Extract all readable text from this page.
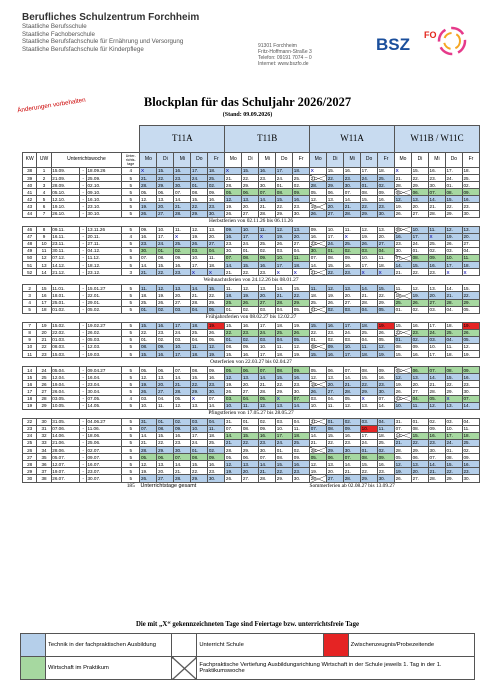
Berufliches Schulzentrum Forchheim
Staatliche Berufsschule
Staatliche Fachoberschule
Staatliche Berufsfachschule für Ernährung und Versorgung
Staatliche Berufsfachschule für Kinderpflege	91301 Forchheim
Fritz-Hoffmann-Straße 3
Telefon: 09191 7074 – 0
Internet: www.bszfo.de
BSZ FO
Blockplan für das Schuljahr 2026/2027
(Stand: 09.09.2026)
Änderungen vorbehalten
						T11A					T11B					W11A					W11B / W11C				
KW	UW	Unterrichtswoche			Unter-richts-tage	Mo	Di	Mi	Do	Fr	Mo	Di	Mi	Do	Fr	Mo	Di	Mi	Do	Fr	Mo	Di	Mi	Do	Fr
38	1	15.09.	-	18.09.26	4	X	15.	16.	17.	18.	X	15.	16.	17.	18.	X	15.	16.	17.	18.	X	15.	16.	17.	18.
39	2	21.09.	-	25.09.	5	21.	22.	23.	24.	25.	21.	22.	23.	24.	25.	21.	22.	23.	24.	25.	21.	22.	23.	24.	25.
40	3	28.09.	-	02.10.	5	28.	29.	30.	01.	02.	28.	29.	30.	01.	02.	28.	29.	30.	01.	02.	28.	29.	30.	01.	02.
41	4	05.10.	-	09.10.	5	05.	06.	07.	08.	09.	05.	06.	07.	08.	09.	05.	06.	07.	08.	09.	05.	06.	07.	08.	09.
42	5	12.10.	-	16.10.	5	12.	13.	14.	15.	16.	12.	13.	14.	15.	16.	12.	13.	14.	15.	16.	12.	13.	14.	15.	16.
43	6	19.10.	-	23.10.	5	19.	20.	21.	22.	23.	19.	20.	21.	22.	23.	19.	20.	21.	22.	23.	19.	20.	21.	22.	23.
44	7	26.10.	-	30.10.	5	26.	27.	28.	29.	30.	26.	27.	28.	29.	30.	26.	27.	28.	29.	30.	26.	27.	28.	29.	30.
Herbstferien von 02.11.26 bis 06.11.26																									
46	8	09.11.	-	13.11.26	5	09.	10.	11.	12.	13.	09.	10.	11.	12.	13.	09.	10.	11.	12.	13.	09.	10.	11.	12.	13.
47	9	16.11.	-	20.11.	4	16.	17.	X	19.	20.	16.	17.	X	19.	20.	16.	17.	X	19.	20.	16.	17.	X	19.	20.
48	10	23.11.	-	27.11.	5	23.	24.	25.	26.	27.	23.	24.	25.	26.	27.	23.	24.	25.	26.	27.	23.	24.	25.	26.	27.
49	11	30.11.	-	04.12.	5	30.	01.	02.	03.	04.	30.	01.	02.	03.	04.	30.	01.	02.	03.	04.	30.	01.	02.	03.	04.
50	12	07.12.	-	11.12.	5	07.	08.	09.	10.	11.	07.	08.	09.	10.	11.	07.	08.	09.	10.	11.	07.	08.	09.	10.	11.
51	13	14.12.	-	18.12.	5	14.	15.	16.	17.	18.	14.	15.	16.	17.	18.	14.	15.	16.	17.	18.	14.	15.	16.	17.	18.
52	14	21.12.	-	23.12.	3	21.	22.	23.	X	X	21.	22.	23.	X	X	21.	22.	23.	X	X	21.	22.	23.	X	X
Weihnachtsferien von 24.12.26 bis 08.01.27																									
2	15	11.01.	-	15.01.27	5	11.	12.	13.	14.	15.	11.	12.	13.	14.	15.	11.	12.	13.	14.	15.	11.	12.	13.	14.	15.
3	16	18.01.	-	22.01.	5	18.	19.	20.	21.	22.	18.	19.	20.	21.	22.	18.	19.	20.	21.	22.	18.	19.	20.	21.	22.
4	17	25.01.	-	29.01.	5	25.	26.	27.	28.	29.	25.	26.	27.	28.	29.	25.	26.	27.	28.	29.	25.	26.	27.	28.	29.
5	18	01.02.	-	05.02.	5	01.	02.	03.	04.	05.	01.	02.	03.	04.	05.	01.	02.	03.	04.	05.	01.	02.	03.	04.	05.
Frühjahrsferien von 08.02.27 bis 12.02.27																									
7	19	15.02.	-	19.02.27	5	15.	16.	17.	18.	19.	15.	16.	17.	18.	19.	15.	16.	17.	18.	19.	15.	16.	17.	18.	19.
8	20	22.02.	-	26.02.	5	22.	23.	24.	25.	26.	22.	23.	24.	25.	26.	22.	23.	24.	25.	26.	22.	23.	24.	25.	26.
9	21	01.03.	-	05.03.	5	01.	02.	03.	04.	05.	01.	02.	03.	04.	05.	01.	02.	03.	04.	05.	01.	02.	03.	04.	05.
10	22	08.03.	-	12.03.	5	08.	09.	10.	11.	12.	08.	09.	10.	11.	12.	08.	09.	10.	11.	12.	08.	09.	10.	11.	12.
11	23	15.03.	-	19.03.	5	15.	16.	17.	18.	19.	15.	16.	17.	18.	19.	15.	16.	17.	18.	19.	15.	16.	17.	18.	19.
Osterferien von 22.03.27 bis 02.04.27																									
14	24	05.04.	-	09.04.27	5	05.	06.	07.	08.	09.	05.	06.	07.	08.	09.	05.	06.	07.	08.	09.	05.	06.	07.	08.	09.
15	25	12.04.	-	16.04.	5	12.	13.	14.	15.	16.	12.	13.	14.	15.	16.	12.	13.	14.	15.	16.	12.	13.	14.	15.	16.
16	26	19.04.	-	23.04.	5	19.	20.	21.	22.	23.	19.	20.	21.	22.	23.	19.	20.	21.	22.	23.	19.	20.	21.	22.	23.
17	27	26.04.	-	30.04.	5	26.	27.	28.	29.	30.	26.	27.	28.	29.	30.	26.	27.	28.	29.	30.	26.	27.	28.	29.	30.
18	28	03.05.	-	07.05.	4	03.	04.	05.	X	07.	03.	04.	05.	X	07.	03.	04.	05.	X	07.	03.	04.	05.	X	07.
19	29	10.05.	-	14.05.	5	10.	11.	12.	13.	14.	10.	11.	12.	13.	14.	10.	11.	12.	13.	14.	10.	11.	12.	13.	14.
Pfingstferien von 17.05.27 bis 28.05.27																									
22	30	31.05.	-	04.06.27	5	31.	01.	02.	03.	04.	31.	01.	02.	03.	04.	31.	01.	02.	03.	04.	31.	01.	02.	03.	04.
23	31	07.06.	-	11.06.	5	07.	08.	09.	10.	11.	07.	08.	09.	10.	11.	07.	08.	09.	10.	11.	07.	08.	09.	10.	11.
24	32	14.06.	-	18.06.	5	14.	15.	16.	17.	18.	14.	15.	16.	17.	18.	14.	15.	16.	17.	18.	14.	15.	16.	17.	18.
25	33	21.06.	-	25.06.	5	21.	22.	23.	24.	25.	21.	22.	23.	24.	25.	21.	22.	23.	24.	25.	21.	22.	23.	24.	25.
26	34	28.06.	-	02.07.	5	28.	29.	30.	01.	02.	28.	29.	30.	01.	02.	28.	29.	30.	01.	02.	28.	29.	30.	01.	02.
27	35	05.07.	-	09.07.	5	05.	06.	07.	08.	09.	05.	06.	07.	08.	09.	05.	06.	07.	08.	09.	05.	06.	07.	08.	09.
28	36	12.07.	-	16.07.	5	12.	13.	14.	15.	16.	12.	13.	14.	15.	16.	12.	13.	14.	15.	16.	12.	13.	14.	15.	16.
29	37	19.07.	-	23.07.	5	19.	20.	21.	22.	23.	19.	20.	21.	22.	23.	19.	20.	21.	22.	23.	19.	20.	21.	22.	23.
30	38	26.07.	-	30.07.	5	26.	27.	28.	29.	30.	26.	27.	28.	29.	30.	26.	27.	28.	29.	30.	26.	27.	28.	29.	30.
					185	Unterrichtstage gesamt					Sommerferien ab 02.08.27 bis 13.09.27														
Die mit „X“ gekennzeichneten Tage sind Feiertage bzw. unterrichtsfreie Tage
	Technik in der fachpraktischen Ausbildung		Unterricht Schule		Zwischenzeugnis/Probezeitende
	Wirtschaft im Praktikum		Fachpraktische Vertiefung Ausbildungsrichtung Wirtschaft in der Schule jeweils 1. Tag in der 1. Praktikumswoche		
